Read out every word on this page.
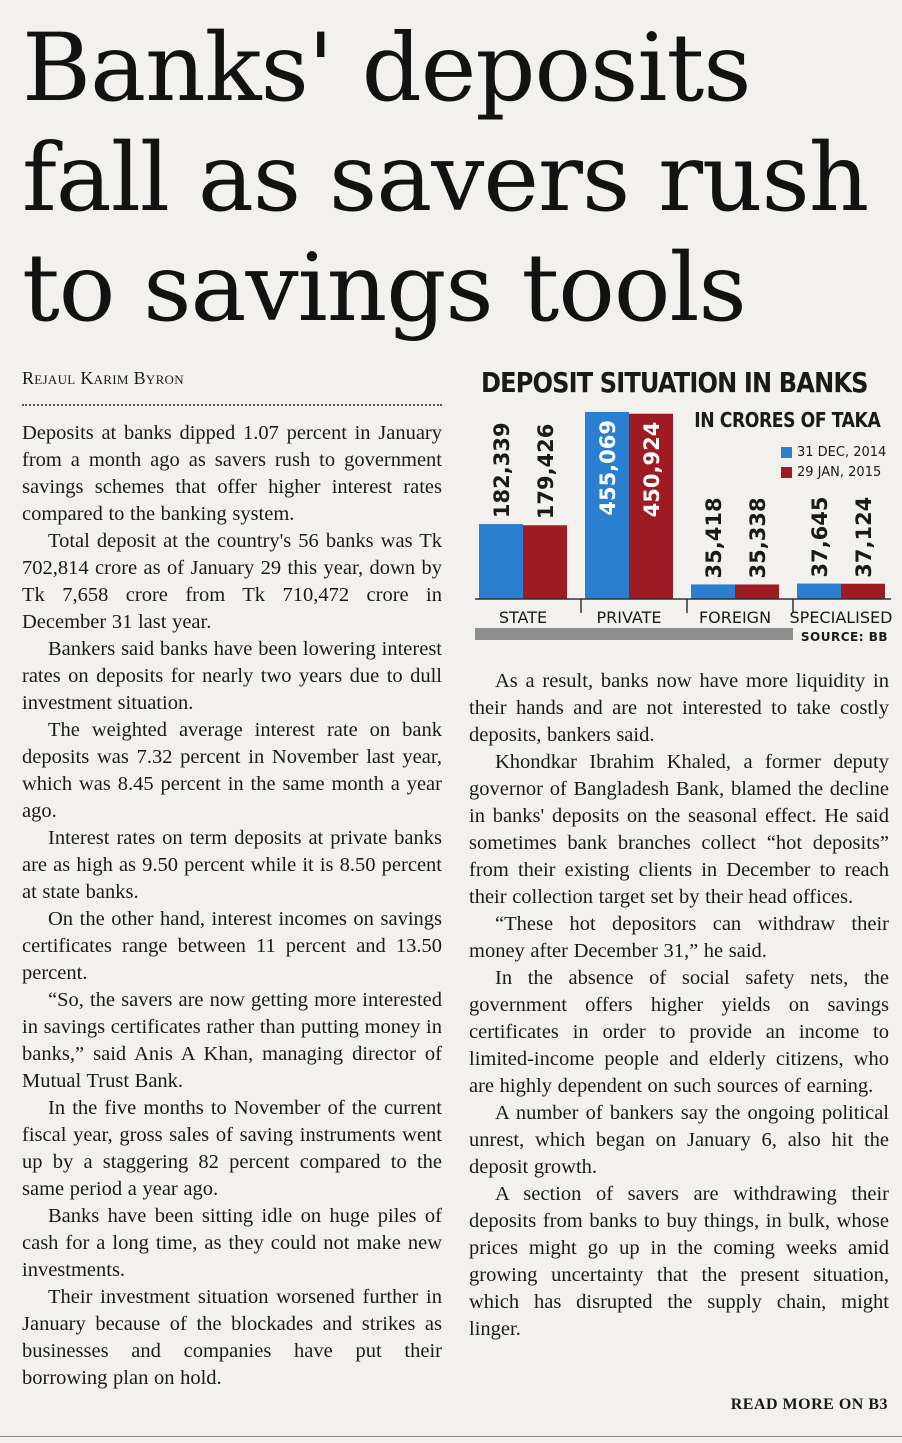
Banks' deposits
fall as savers rush
to savings tools
Rejaul Karim Byron

Deposits at banks dipped 1.07 percent in January from a month ago as savers rush to government savings schemes that offer higher interest rates compared to the banking system.

Total deposit at the country's 56 banks was Tk 702,814 crore as of January 29 this year, down by Tk 7,658 crore from Tk 710,472 crore in December 31 last year.

Bankers said banks have been lowering interest rates on deposits for nearly two years due to dull investment situation.

The weighted average interest rate on bank deposits was 7.32 percent in November last year, which was 8.45 percent in the same month a year ago.

Interest rates on term deposits at private banks are as high as 9.50 percent while it is 8.50 percent at state banks.

On the other hand, interest incomes on savings certificates range between 11 percent and 13.50 percent.

“So, the savers are now getting more interested in savings certificates rather than putting money in banks,” said Anis A Khan, managing director of Mutual Trust Bank.

In the five months to November of the current fiscal year, gross sales of saving instruments went up by a staggering 82 percent compared to the same period a year ago.

Banks have been sitting idle on huge piles of cash for a long time, as they could not make new investments.

Their investment situation worsened further in January because of the blockades and strikes as businesses and companies have put their borrowing plan on hold.

DEPOSIT SITUATION IN BANKS
IN CRORES OF TAKA
31 DEC, 2014
29 JAN, 2015
182,339 179,426
STATE
455,069 450,924
PRIVATE
35,418 35,338
FOREIGN
37,645 37,124
SPECIALISED
SOURCE: BB

As a result, banks now have more liquidity in their hands and are not interested to take costly deposits, bankers said.

Khondkar Ibrahim Khaled, a former deputy governor of Bangladesh Bank, blamed the decline in banks' deposits on the seasonal effect. He said sometimes bank branches collect “hot deposits” from their existing clients in December to reach their collection target set by their head offices.

“These hot depositors can withdraw their money after December 31,” he said.

In the absence of social safety nets, the government offers higher yields on savings certificates in order to provide an income to limited-income people and elderly citizens, who are highly dependent on such sources of earning.

A number of bankers say the ongoing political unrest, which began on January 6, also hit the deposit growth.

A section of savers are withdrawing their deposits from banks to buy things, in bulk, whose prices might go up in the coming weeks amid growing uncertainty that the present situation, which has disrupted the supply chain, might linger.

READ MORE ON B3
